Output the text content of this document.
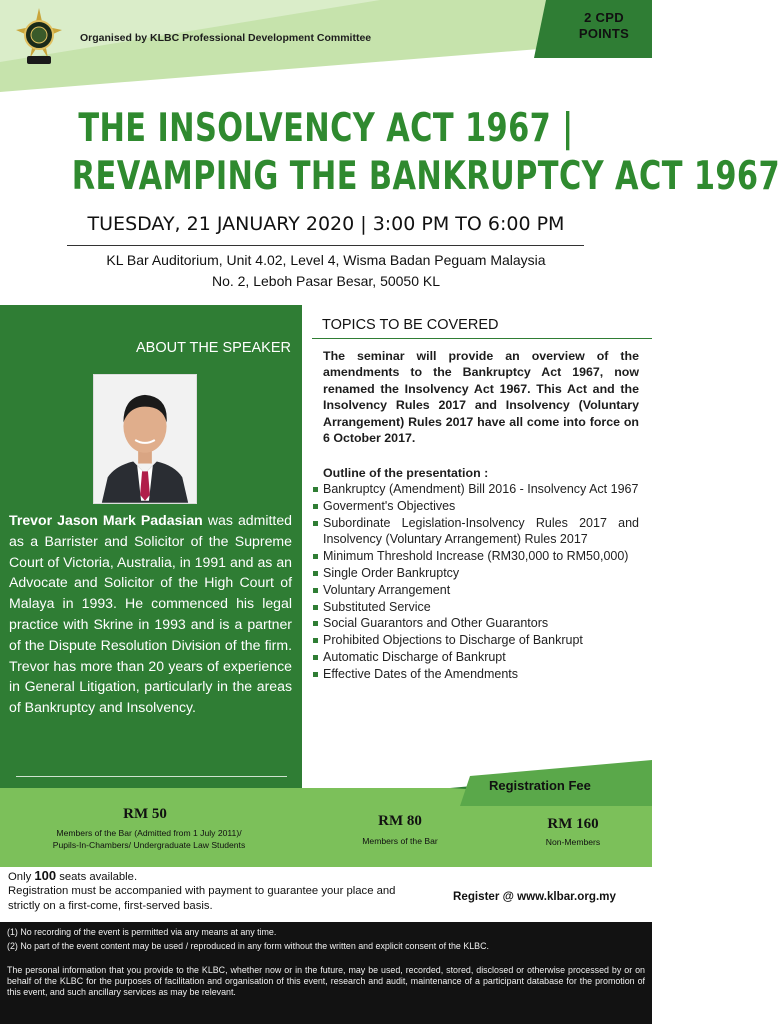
Organised by KLBC Professional Development Committee
2 CPD
POINTS
THE INSOLVENCY ACT 1967 |
REVAMPING THE BANKRUPTCY ACT 1967
TUESDAY, 21 JANUARY 2020 | 3:00 PM TO 6:00 PM
KL Bar Auditorium, Unit 4.02, Level 4, Wisma Badan Peguam Malaysia
No. 2, Leboh Pasar Besar, 50050 KL
ABOUT THE SPEAKER
Trevor Jason Mark Padasian was admitted as a Barrister and Solicitor of the Supreme Court of Victoria, Australia, in 1991 and as an Advocate and Solicitor of the High Court of Malaya in 1993. He commenced his legal practice with Skrine in 1993 and is a partner of the Dispute Resolution Division of the firm. Trevor has more than 20 years of experience in General Litigation, particularly in the areas of Bankruptcy and Insolvency.
TOPICS TO BE COVERED
The seminar will provide an overview of the amendments to the Bankruptcy Act 1967, now renamed the Insolvency Act 1967. This Act and the Insolvency Rules 2017 and Insolvency (Voluntary Arrangement) Rules 2017 have all come into force on 6 October 2017.
Outline of the presentation :
Bankruptcy (Amendment) Bill 2016 - Insolvency Act 1967
Goverment's Objectives
Subordinate Legislation-Insolvency Rules 2017 and Insolvency (Voluntary Arrangement) Rules 2017
Minimum Threshold Increase (RM30,000 to RM50,000)
Single Order Bankruptcy
Voluntary Arrangement
Substituted Service
Social Guarantors and Other Guarantors
Prohibited Objections to Discharge of Bankrupt
Automatic Discharge of Bankrupt
Effective Dates of the Amendments
Registration Fee
RM 50
Members of the Bar (Admitted from 1 July 2011)/
Pupils-In-Chambers/ Undergraduate Law Students
RM 80
Members of the Bar
RM 160
Non-Members
Only 100 seats available.
Registration must be accompanied with payment to guarantee your place and strictly on a first-come, first-served basis.
Register @ www.klbar.org.my
(1) No recording of the event is permitted via any means at any time.
(2) No part of the event content may be used / reproduced in any form without the written and explicit consent of the KLBC.
The personal information that you provide to the KLBC, whether now or in the future, may be used, recorded, stored, disclosed or otherwise processed by or on behalf of the KLBC for the purposes of facilitation and organisation of this event, research and audit, maintenance of a participant database for the promotion of this event, and such ancillary services as may be relevant.
